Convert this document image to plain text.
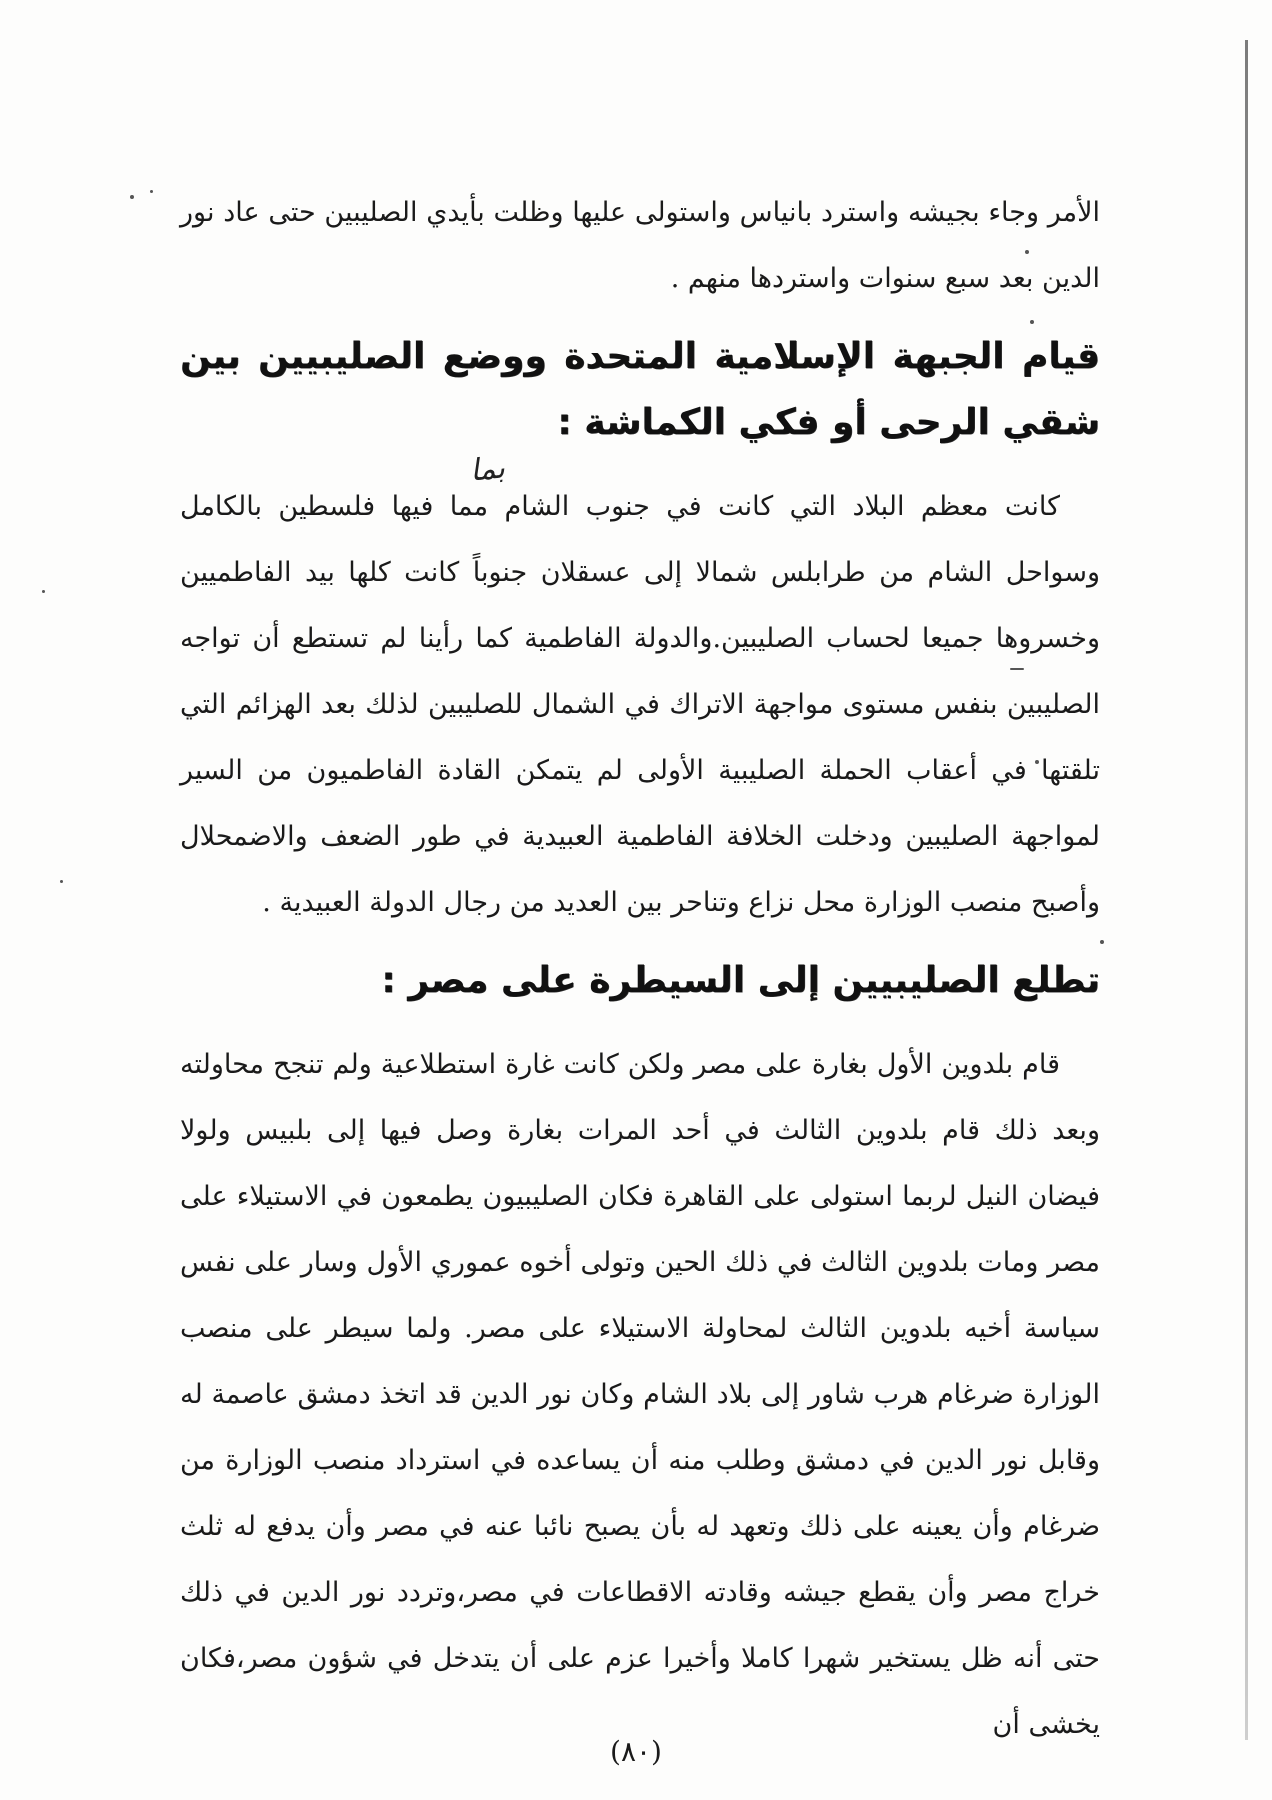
بما

الأمر وجاء بجيشه واسترد بانياس واستولى عليها وظلت بأيدي الصليبين حتى عاد نور الدين بعد سبع سنوات واستردها منهم .

قيام الجبهة الإسلامية المتحدة ووضع الصليبيين بين شقي الرحى أو فكي الكماشة :

كانت معظم البلاد التي كانت في جنوب الشام مما فيها فلسطين بالكامل وسواحل الشام من طرابلس شمالا إلى عسقلان جنوباً كانت كلها بيد الفاطميين وخسروها جميعا لحساب الصليبين.والدولة الفاطمية كما رأينا لم تستطع أن تواجه الصليبين بنفس مستوى مواجهة الاتراك في الشمال للصليبين لذلك بعد الهزائم التي تلقتها في أعقاب الحملة الصليبية الأولى لم يتمكن القادة الفاطميون من السير لمواجهة الصليبين ودخلت الخلافة الفاطمية العبيدية في طور الضعف والاضمحلال وأصبح منصب الوزارة محل نزاع وتناحر بين العديد من رجال الدولة العبيدية .

تطلع الصليبيين إلى السيطرة على مصر :

قام بلدوين الأول بغارة على مصر ولكن كانت غارة استطلاعية ولم تنجح محاولته وبعد ذلك قام بلدوين الثالث في أحد المرات بغارة وصل فيها إلى بلبيس ولولا فيضان النيل لربما استولى على القاهرة فكان الصليبيون يطمعون في الاستيلاء على مصر ومات بلدوين الثالث في ذلك الحين وتولى أخوه عموري الأول وسار على نفس سياسة أخيه بلدوين الثالث لمحاولة الاستيلاء على مصر. ولما سيطر على منصب الوزارة ضرغام هرب شاور إلى بلاد الشام وكان نور الدين قد اتخذ دمشق عاصمة له وقابل نور الدين في دمشق وطلب منه أن يساعده في استرداد منصب الوزارة من ضرغام وأن يعينه على ذلك وتعهد له بأن يصبح نائبا عنه في مصر وأن يدفع له ثلث خراج مصر وأن يقطع جيشه وقادته الاقطاعات في مصر،وتردد نور الدين في ذلك حتى أنه ظل يستخير شهرا كاملا وأخيرا عزم على أن يتدخل في شؤون مصر،فكان يخشى أن

(٨٠)
